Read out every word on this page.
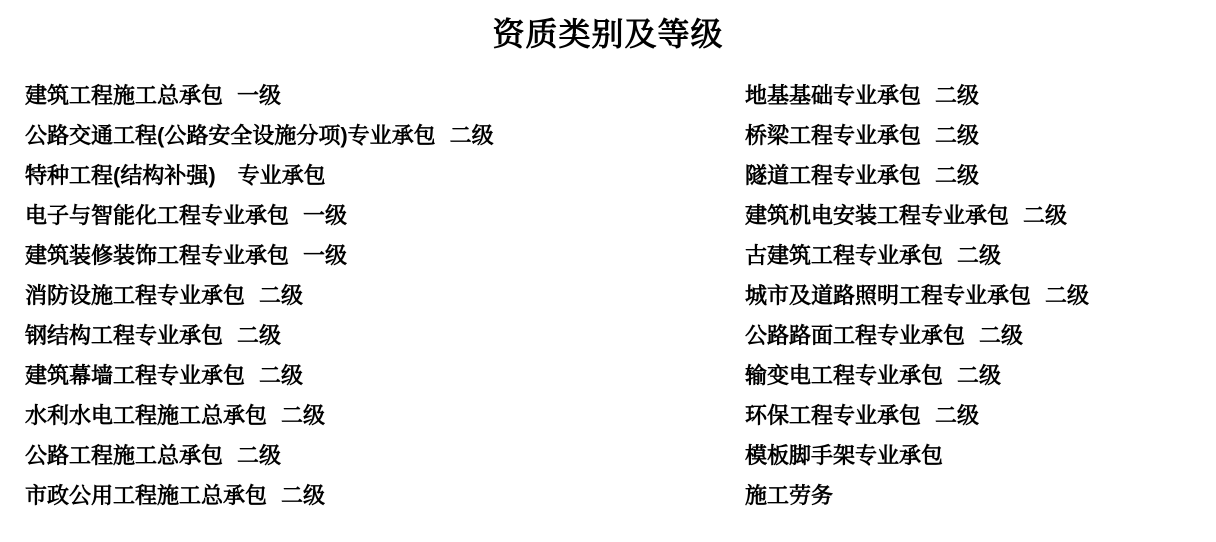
资质类别及等级
建筑工程施工总承包 一级
公路交通工程(公路安全设施分项)专业承包 二级
特种工程(结构补强)　专业承包
电子与智能化工程专业承包 一级
建筑装修装饰工程专业承包 一级
消防设施工程专业承包 二级
钢结构工程专业承包 二级
建筑幕墙工程专业承包 二级
水利水电工程施工总承包 二级
公路工程施工总承包 二级
市政公用工程施工总承包 二级
地基基础专业承包 二级
桥梁工程专业承包 二级
隧道工程专业承包 二级
建筑机电安装工程专业承包 二级
古建筑工程专业承包 二级
城市及道路照明工程专业承包 二级
公路路面工程专业承包 二级
输变电工程专业承包 二级
环保工程专业承包 二级
模板脚手架专业承包
施工劳务
